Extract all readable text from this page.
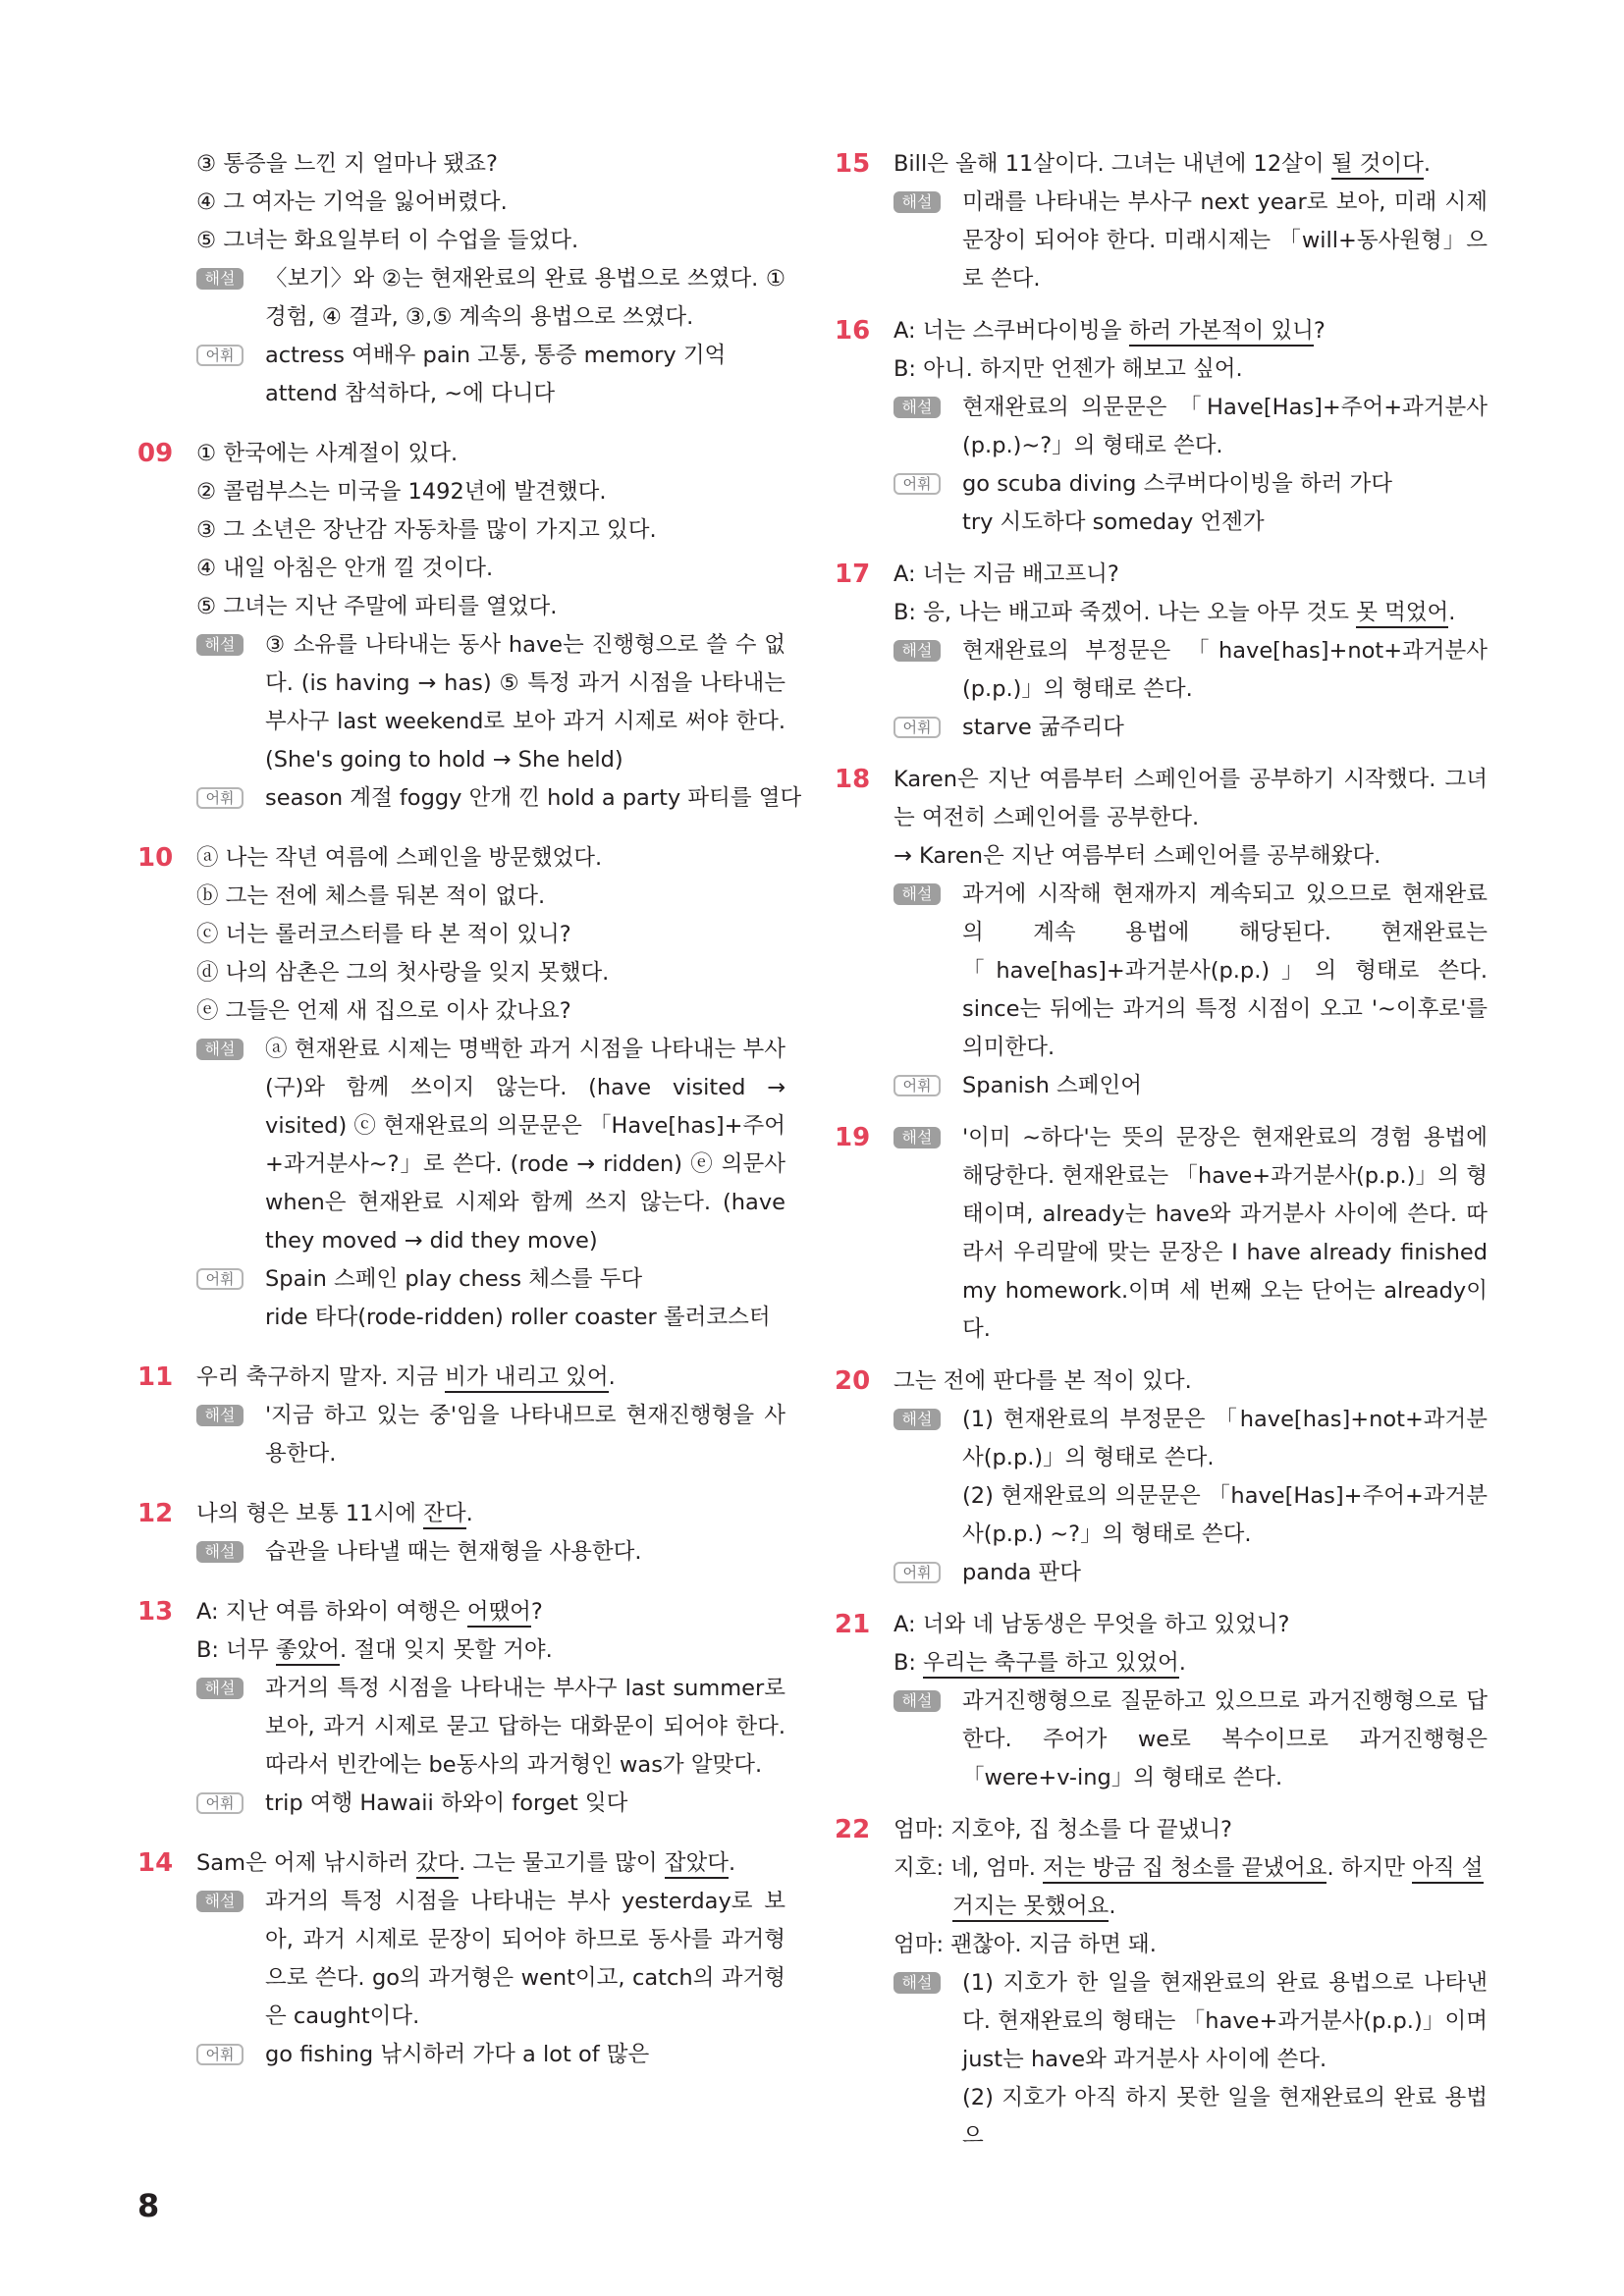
③ 통증을 느낀 지 얼마나 됐죠?
④ 그 여자는 기억을 잃어버렸다.
⑤ 그녀는 화요일부터 이 수업을 들었다.
해설	〈보기〉와 ②는 현재완료의 완료 용법으로 쓰였다. ① 경험, ④ 결과, ③,⑤ 계속의 용법으로 쓰였다.
어휘	actress 여배우 pain 고통, 통증 memory 기억
attend 참석하다, ~에 다니다
09	① 한국에는 사계절이 있다.
② 콜럼부스는 미국을 1492년에 발견했다.
③ 그 소년은 장난감 자동차를 많이 가지고 있다.
④ 내일 아침은 안개 낄 것이다.
⑤ 그녀는 지난 주말에 파티를 열었다.
해설	③ 소유를 나타내는 동사 have는 진행형으로 쓸 수 없다. (is having → has) ⑤ 특정 과거 시점을 나타내는 부사구 last weekend로 보아 과거 시제로 써야 한다. (She's going to hold → She held)
어휘	season 계절 foggy 안개 낀 hold a party 파티를 열다
10	ⓐ 나는 작년 여름에 스페인을 방문했었다.
ⓑ 그는 전에 체스를 둬본 적이 없다.
ⓒ 너는 롤러코스터를 타 본 적이 있니?
ⓓ 나의 삼촌은 그의 첫사랑을 잊지 못했다.
ⓔ 그들은 언제 새 집으로 이사 갔나요?
해설	ⓐ 현재완료 시제는 명백한 과거 시점을 나타내는 부사(구)와 함께 쓰이지 않는다. (have visited → visited) ⓒ 현재완료의 의문문은 「Have[has]+주어+과거분사~?」로 쓴다. (rode → ridden) ⓔ 의문사 when은 현재완료 시제와 함께 쓰지 않는다. (have they moved → did they move)
어휘	Spain 스페인 play chess 체스를 두다
ride 타다(rode-ridden) roller coaster 롤러코스터
11	우리 축구하지 말자. 지금 비가 내리고 있어.
해설	'지금 하고 있는 중'임을 나타내므로 현재진행형을 사용한다.
12	나의 형은 보통 11시에 잔다.
해설	습관을 나타낼 때는 현재형을 사용한다.
13	A: 지난 여름 하와이 여행은 어땠어?
B: 너무 좋았어. 절대 잊지 못할 거야.
해설	과거의 특정 시점을 나타내는 부사구 last summer로 보아, 과거 시제로 묻고 답하는 대화문이 되어야 한다. 따라서 빈칸에는 be동사의 과거형인 was가 알맞다.
어휘	trip 여행 Hawaii 하와이 forget 잊다
14	Sam은 어제 낚시하러 갔다. 그는 물고기를 많이 잡았다.
해설	과거의 특정 시점을 나타내는 부사 yesterday로 보아, 과거 시제로 문장이 되어야 하므로 동사를 과거형으로 쓴다. go의 과거형은 went이고, catch의 과거형은 caught이다.
어휘	go fishing 낚시하러 가다 a lot of 많은
15	Bill은 올해 11살이다. 그녀는 내년에 12살이 될 것이다.
해설	미래를 나타내는 부사구 next year로 보아, 미래 시제 문장이 되어야 한다. 미래시제는 「will+동사원형」으로 쓴다.
16	A: 너는 스쿠버다이빙을 하러 가본적이 있니?
B: 아니. 하지만 언젠가 해보고 싶어.
해설	현재완료의 의문문은 「Have[Has]+주어+과거분사(p.p.)~?」의 형태로 쓴다.
어휘	go scuba diving 스쿠버다이빙을 하러 가다
try 시도하다 someday 언젠가
17	A: 너는 지금 배고프니?
B: 응, 나는 배고파 죽겠어. 나는 오늘 아무 것도 못 먹었어.
해설	현재완료의 부정문은 「have[has]+not+과거분사(p.p.)」의 형태로 쓴다.
어휘	starve 굶주리다
18	Karen은 지난 여름부터 스페인어를 공부하기 시작했다. 그녀는 여전히 스페인어를 공부한다.
→ Karen은 지난 여름부터 스페인어를 공부해왔다.
해설	과거에 시작해 현재까지 계속되고 있으므로 현재완료의 계속 용법에 해당된다. 현재완료는 「have[has]+과거분사(p.p.)」의 형태로 쓴다. since는 뒤에는 과거의 특정 시점이 오고 '~이후로'를 의미한다.
어휘	Spanish 스페인어
19	해설	'이미 ~하다'는 뜻의 문장은 현재완료의 경험 용법에 해당한다. 현재완료는 「have+과거분사(p.p.)」의 형태이며, already는 have와 과거분사 사이에 쓴다. 따라서 우리말에 맞는 문장은 I have already finished my homework.이며 세 번째 오는 단어는 already이다.
20	그는 전에 판다를 본 적이 있다.
해설	(1) 현재완료의 부정문은 「have[has]+not+과거분사(p.p.)」의 형태로 쓴다.
(2) 현재완료의 의문문은 「have[Has]+주어+과거분사(p.p.) ~?」의 형태로 쓴다.
어휘	panda 판다
21	A: 너와 네 남동생은 무엇을 하고 있었니?
B: 우리는 축구를 하고 있었어.
해설	과거진행형으로 질문하고 있으므로 과거진행형으로 답한다. 주어가 we로 복수이므로 과거진행형은 「were+v-ing」의 형태로 쓴다.
22	엄마: 지호야, 집 청소를 다 끝냈니?
지호: 네, 엄마. 저는 방금 집 청소를 끝냈어요. 하지만 아직 설
거지는 못했어요.
엄마: 괜찮아. 지금 하면 돼.
해설	(1) 지호가 한 일을 현재완료의 완료 용법으로 나타낸다. 현재완료의 형태는 「have+과거분사(p.p.)」이며 just는 have와 과거분사 사이에 쓴다.
(2) 지호가 아직 하지 못한 일을 현재완료의 완료 용법으
8
